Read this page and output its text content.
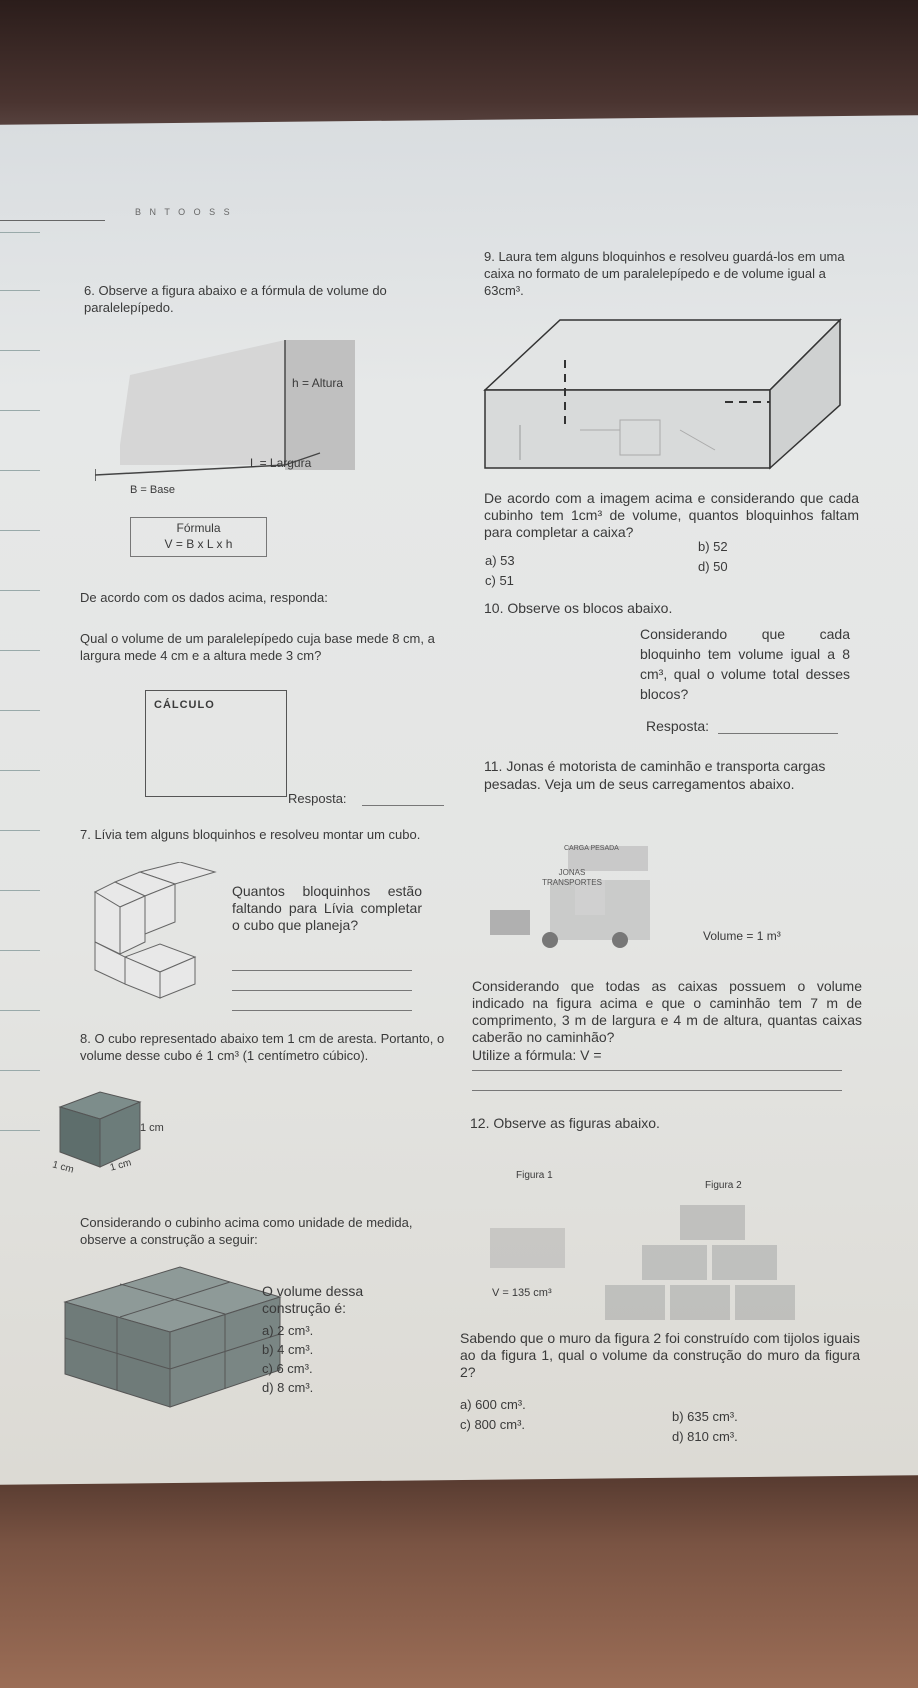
B N T O O S S
6. Observe a figura abaixo e a fórmula de volume do paralelepípedo.
h = Altura
L = Largura
B = Base
Fórmula
V = B x L x h
De acordo com os dados acima, responda:
Qual o volume de um paralelepípedo cuja base mede 8 cm, a largura mede 4 cm e a altura mede 3 cm?
CÁLCULO
Resposta:
7. Lívia tem alguns bloquinhos e resolveu montar um cubo.
Quantos bloquinhos estão faltando para Lívia completar o cubo que planeja?
8. O cubo representado abaixo tem 1 cm de aresta. Portanto, o volume desse cubo é 1 cm³ (1 centímetro cúbico).
1 cm
1 cm	1 cm
Considerando o cubinho acima como unidade de medida, observe a construção a seguir:
O volume dessa construção é:
a) 2 cm³.
b) 4 cm³.
c) 6 cm³.
d) 8 cm³.
9. Laura tem alguns bloquinhos e resolveu guardá-los em uma caixa no formato de um paralelepípedo e de volume igual a 63cm³.
De acordo com a imagem acima e considerando que cada cubinho tem 1cm³ de volume, quantos bloquinhos faltam para completar a caixa?
a) 53
b) 52
c) 51
d) 50
10. Observe os blocos abaixo.
Considerando que cada bloquinho tem volume igual a 8 cm³, qual o volume total desses blocos?
Resposta:
11. Jonas é motorista de caminhão e transporta cargas pesadas. Veja um de seus carregamentos abaixo.
CARGA PESADA
JONAS TRANSPORTES
Volume = 1 m³
Considerando que todas as caixas possuem o volume indicado na figura acima e que o caminhão tem 7 m de comprimento, 3 m de largura e 4 m de altura, quantas caixas caberão no caminhão?
Utilize a fórmula: V =
12. Observe as figuras abaixo.
Figura 1
Figura 2
V = 135 cm³
Sabendo que o muro da figura 2 foi construído com tijolos iguais ao da figura 1, qual o volume da construção do muro da figura 2?
a) 600 cm³.
b) 635 cm³.
c) 800 cm³.
d) 810 cm³.
